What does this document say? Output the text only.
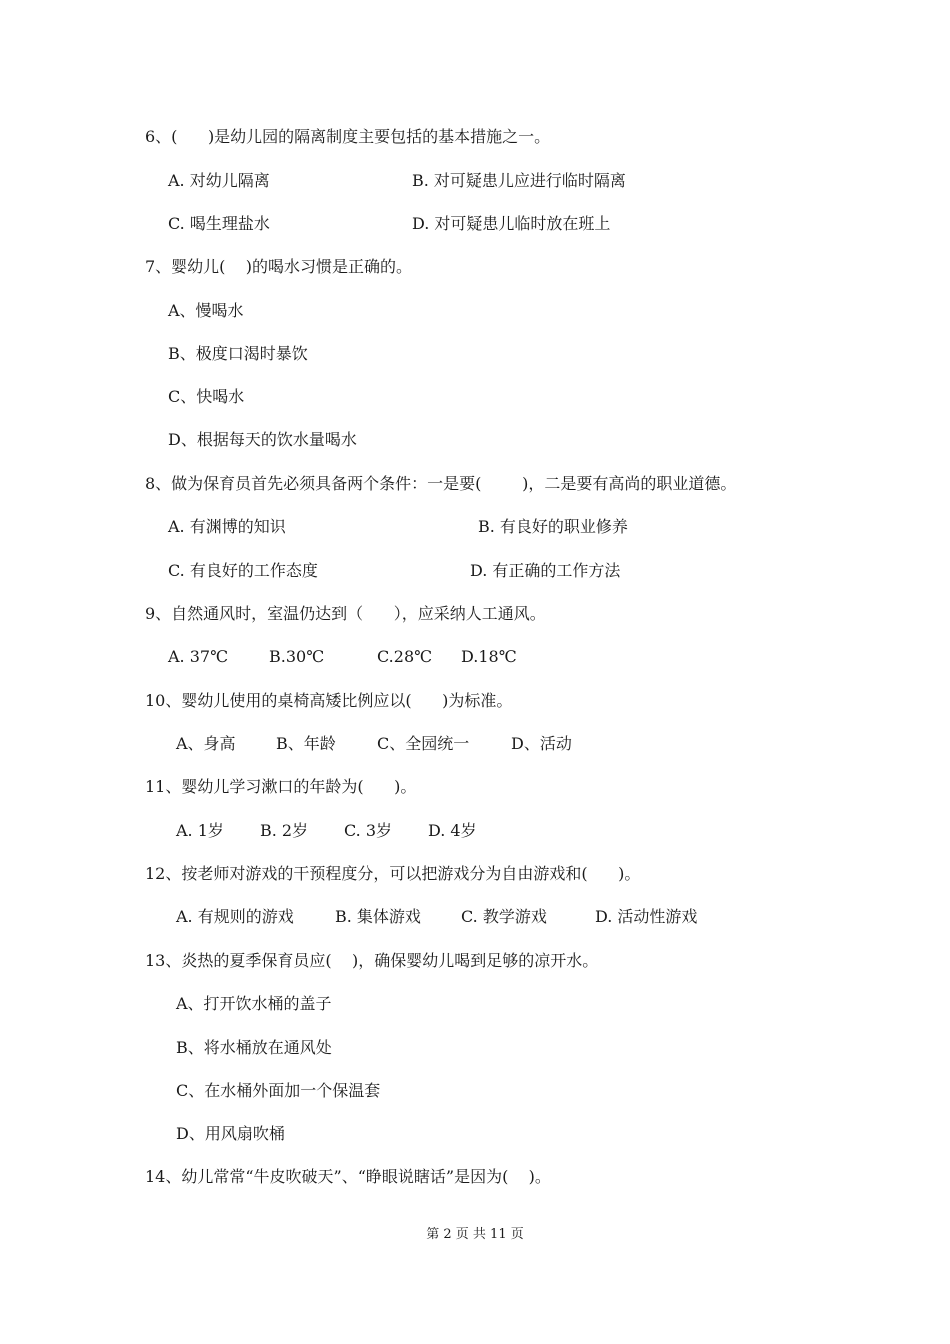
6、(      )是幼儿园的隔离制度主要包括的基本措施之一。
A. 对幼儿隔离	B. 对可疑患儿应进行临时隔离
C. 喝生理盐水	D. 对可疑患儿临时放在班上
7、婴幼儿(    )的喝水习惯是正确的。
A、慢喝水
B、极度口渴时暴饮
C、快喝水
D、根据每天的饮水量喝水
8、做为保育员首先必须具备两个条件：一是要(        )，二是要有高尚的职业道德。
A. 有渊博的知识	B. 有良好的职业修养
C. 有良好的工作态度	D. 有正确的工作方法
9、自然通风时，室温仍达到（      ），应采纳人工通风。
A. 37℃	B.30℃	C.28℃ D.18℃
10、婴幼儿使用的桌椅高矮比例应以(      )为标准。
A、身高	B、年龄	C、全园统一	D、活动
11、婴幼儿学习漱口的年龄为(      )。
A. 1岁 B. 2岁 C. 3岁 D. 4岁
12、按老师对游戏的干预程度分，可以把游戏分为自由游戏和(      )。
A. 有规则的游戏	B. 集体游戏	C. 教学游戏	D. 活动性游戏
13、炎热的夏季保育员应(    )，确保婴幼儿喝到足够的凉开水。
A、打开饮水桶的盖子
B、将水桶放在通风处
C、在水桶外面加一个保温套
D、用风扇吹桶
14、幼儿常常“牛皮吹破天”、“睁眼说瞎话”是因为(    )。
第 2 页 共 11 页
